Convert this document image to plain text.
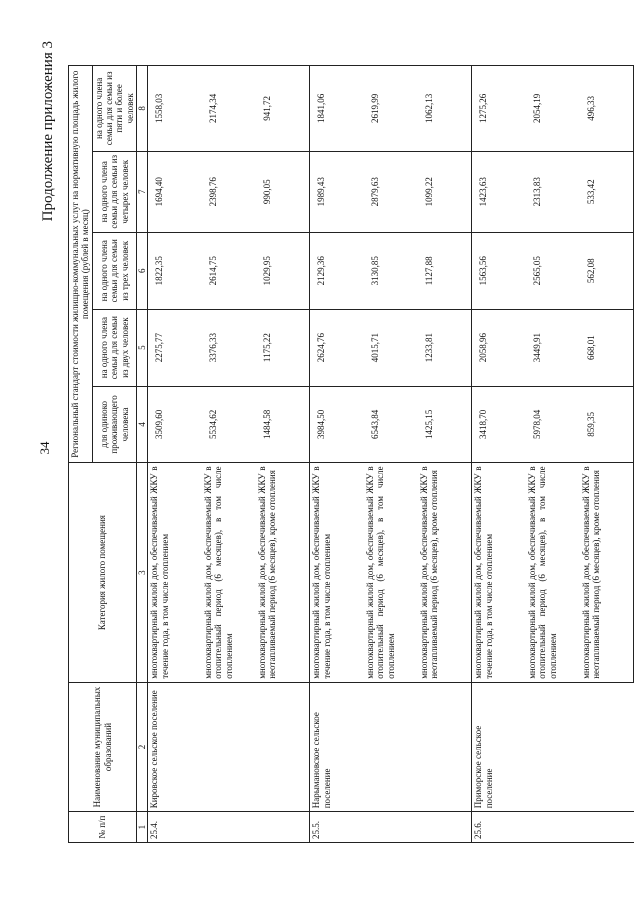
34
Продолжение приложения 3
№ п/п	Наименование муниципальных образований	Категория жилого помещения	Региональный стандарт стоимости жилищно-коммунальных услуг на нормативную площадь жилого помещения (рублей в месяц)				
			для одиноко проживающего человека	на одного члена семьи для семьи из двух человек	на одного члена семьи для семьи из трех человек	на одного члена семьи для семьи из четырех человек	на одного члена семьи для семьи из пяти и более человек
1	2	3	4	5	6	7	8
25.4.	Кировское сельское поселение	многоквартирный жилой дом, обеспечиваемый ЖКУ в течение года, в том числе отоплением	3509,60	2275,77	1822,35	1694,40	1558,03
		многоквартирный жилой дом, обеспечиваемый ЖКУ в отопительный период (6 месяцев), в том числе отоплением	5534,62	3376,33	2614,75	2398,76	2174,34
		многоквартирный жилой дом, обеспечиваемый ЖКУ в неотапливаемый период (6 месяцев), кроме отопления	1484,58	1175,22	1029,95	990,05	941,72
25.5.	Нарымановское сельское поселение	многоквартирный жилой дом, обеспечиваемый ЖКУ в течение года, в том числе отоплением	3984,50	2624,76	2129,36	1989,43	1841,06
		многоквартирный жилой дом, обеспечиваемый ЖКУ в отопительный период (6 месяцев), в том числе отоплением	6543,84	4015,71	3130,85	2879,63	2619,99
		многоквартирный жилой дом, обеспечиваемый ЖКУ в неотапливаемый период (6 месяцев), кроме отопления	1425,15	1233,81	1127,88	1099,22	1062,13
25.6.	Приморское сельское поселение	многоквартирный жилой дом, обеспечиваемый ЖКУ в течение года, в том числе отоплением	3418,70	2058,96	1563,56	1423,63	1275,26
		многоквартирный жилой дом, обеспечиваемый ЖКУ в отопительный период (6 месяцев), в том числе отоплением	5978,04	3449,91	2565,05	2313,83	2054,19
		многоквартирный жилой дом, обеспечиваемый ЖКУ в неотапливаемый период (6 месяцев), кроме отопления	859,35	668,01	562,08	533,42	496,33
